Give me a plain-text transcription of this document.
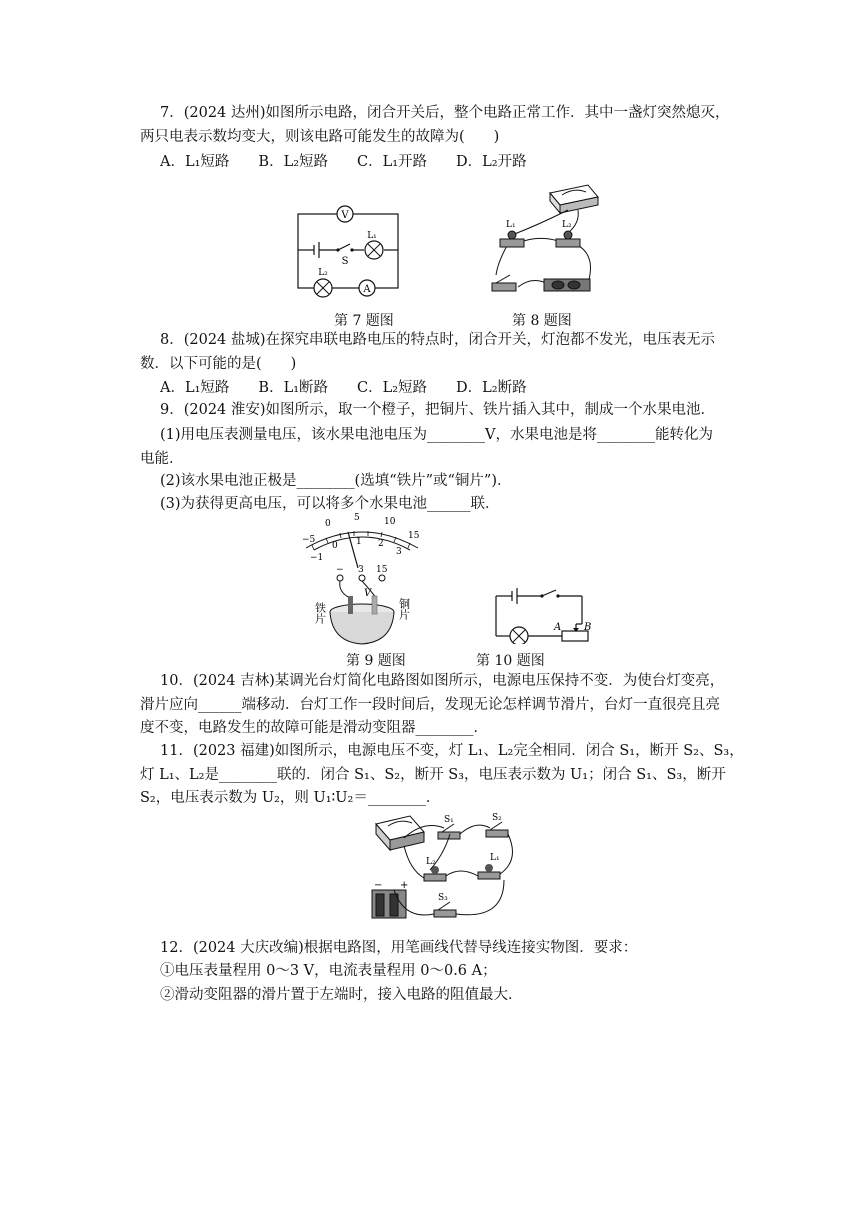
7．(2024 达州)如图所示电路，闭合开关后，整个电路正常工作．其中一盏灯突然熄灭，
两只电表示数均变大，则该电路可能发生的故障为(　　)
A．L₁短路　　B．L₂短路　　C．L₁开路　　D．L₂开路
V
S
L₁
L₂
A
第 7 题图
L₁	L₂
第 8 题图
8．(2024 盐城)在探究串联电路电压的特点时，闭合开关，灯泡都不发光，电压表无示
数．以下可能的是(　　)
A．L₁短路　　B．L₁断路　　C．L₂短路　　D．L₂断路
9．(2024 淮安)如图所示，取一个橙子，把铜片、铁片插入其中，制成一个水果电池．
(1)用电压表测量电压，该水果电池电压为________V，水果电池是将________能转化为
电能．
(2)该水果电池正极是________(选填“铁片”或“铜片”)．
(3)为获得更高电压，可以将多个水果电池______联．
−5
−1
0
5	10
15
0 1 2
3
− 3 15
V
铁片	铜片
第 9 题图
A B
第 10 题图
10．(2024 吉林)某调光台灯简化电路图如图所示，电源电压保持不变．为使台灯变亮，
滑片应向______端移动．台灯工作一段时间后，发现无论怎样调节滑片，台灯一直很亮且亮
度不变，电路发生的故障可能是滑动变阻器________．
11．(2023 福建)如图所示，电源电压不变，灯 L₁、L₂完全相同．闭合 S₁，断开 S₂、S₃，
灯 L₁、L₂是________联的．闭合 S₁、S₂，断开 S₃，电压表示数为 U₁；闭合 S₁、S₃，断开
S₂，电压表示数为 U₂，则 U₁∶U₂＝________．
− +
S₁	S₂
S₃
L₂	L₁
12．(2024 大庆改编)根据电路图，用笔画线代替导线连接实物图．要求：
①电压表量程用 0～3 V，电流表量程用 0～0.6 A；
②滑动变阻器的滑片置于左端时，接入电路的阻值最大．
